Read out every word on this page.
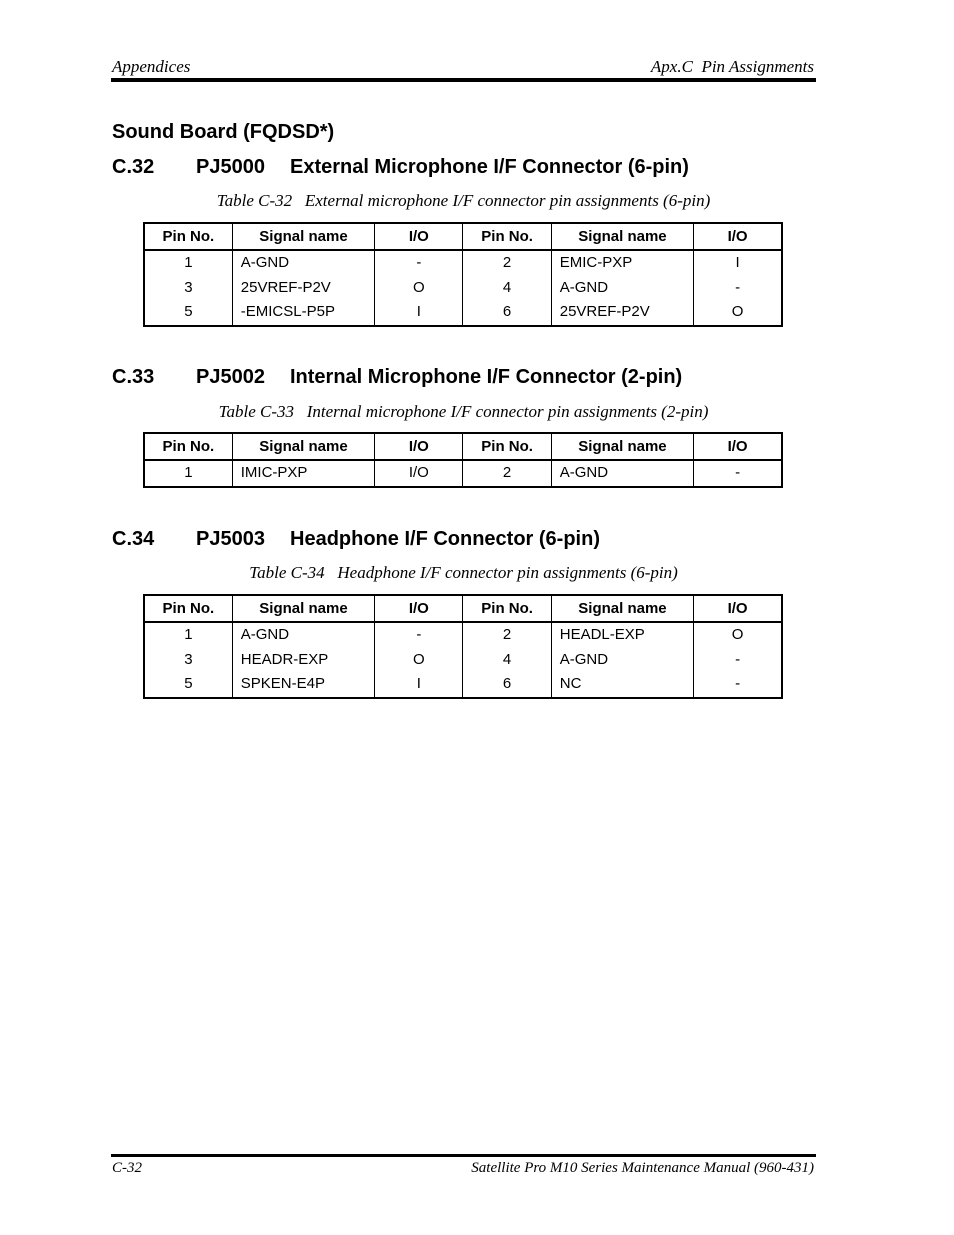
Appendices	Apx.C  Pin Assignments
Sound Board (FQDSD*)
C.32 PJ5000 External Microphone I/F Connector (6-pin)
Table C-32   External microphone I/F connector pin assignments (6-pin)
Pin No.	Signal name	I/O	Pin No.	Signal name	I/O
1	A-GND	-	2	EMIC-PXP	I
3	25VREF-P2V	O	4	A-GND	-
5	-EMICSL-P5P	I	6	25VREF-P2V	O
C.33 PJ5002 Internal Microphone I/F Connector (2-pin)
Table C-33   Internal microphone I/F connector pin assignments (2-pin)
Pin No.	Signal name	I/O	Pin No.	Signal name	I/O
1	IMIC-PXP	I/O	2	A-GND	-
C.34 PJ5003 Headphone I/F Connector (6-pin)
Table C-34   Headphone I/F connector pin assignments (6-pin)
Pin No.	Signal name	I/O	Pin No.	Signal name	I/O
1	A-GND	-	2	HEADL-EXP	O
3	HEADR-EXP	O	4	A-GND	-
5	SPKEN-E4P	I	6	NC	-
C-32	Satellite Pro M10 Series Maintenance Manual (960-431)
